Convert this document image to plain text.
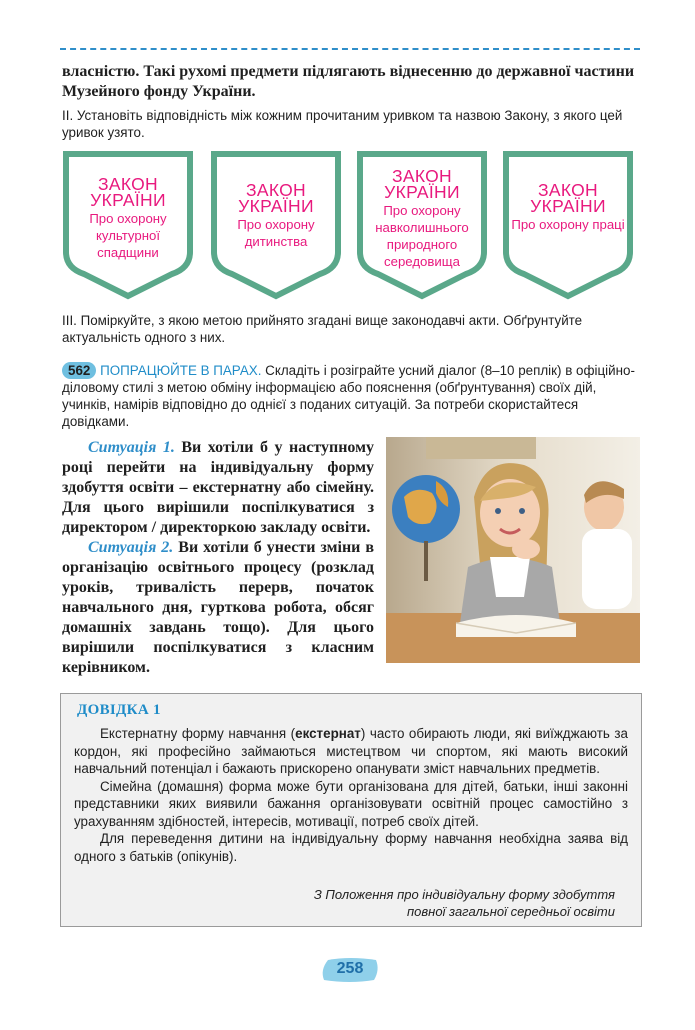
власністю. Такі рухомі предмети підлягають віднесенню до державної частини Музейного фонду України.
II. Установіть відповідність між кожним прочитаним уривком та назвою Закону, з якого цей уривок узято.
ЗАКОН УКРАЇНИ
Про охорону культурної спадщини
ЗАКОН УКРАЇНИ
Про охорону дитинства
ЗАКОН УКРАЇНИ
Про охорону навколишнього природного середовища
ЗАКОН УКРАЇНИ
Про охорону праці
III. Поміркуйте, з якою метою прийнято згадані вище законодавчі акти. Обґрунтуйте актуальність одного з них.
562 ПОПРАЦЮЙТЕ В ПАРАХ. Складіть і розіграйте усний діалог (8–10 реплік) в офіційно-діловому стилі з метою обміну інформацією або пояснення (обґрунтування) своїх дій, учинків, намірів відповідно до однієї з поданих ситуацій. За потреби скористайтеся довідками.

Ситуація 1. Ви хотіли б у наступному році перейти на індивідуальну форму здобуття освіти – екстернатну або сімейну. Для цього вирішили поспілкуватися з директором / директоркою закладу освіти.

Ситуація 2. Ви хотіли б унести зміни в організацію освітнього процесу (розклад уроків, тривалість перерв, початок навчального дня, гурткова робота, обсяг домашніх завдань тощо). Для цього вирішили поспілкуватися з класним керівником.

ДОВІДКА 1

Екстернатну форму навчання (екстернат) часто обирають люди, які виїжджають за кордон, які професійно займаються мистецтвом чи спортом, які мають високий навчальний потенціал і бажають прискорено опанувати зміст навчальних предметів.

Сімейна (домашня) форма може бути організована для дітей, батьки, інші законні представники яких виявили бажання організовувати освітній процес самостійно з урахуванням здібностей, інтересів, мотивації, потреб своїх дітей.

Для переведення дитини на індивідуальну форму навчання необхідна заява від одного з батьків (опікунів).

З Положення про індивідуальну форму здобуття повної загальної середньої освіти
258
